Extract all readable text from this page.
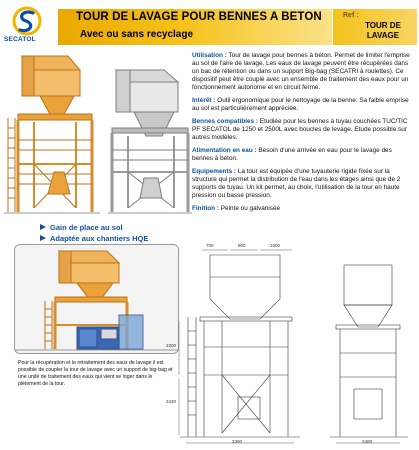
SECATOL
TOUR DE LAVAGE POUR BENNES A BETON
Avec ou sans recyclage
Ref :
TOUR DE LAVAGE
Gain de place au sol
Adaptée aux chantiers HQE
Pour la récupération et le retraitement des eaux de lavage il est possible de coupler la tour de lavage avec un support de big-bag et une unité de traitement des eaux qui vient se loger dans le piètement de la tour.

Utilisation : Tour de lavage pour bennes à béton. Permet de limiter l'emprise au sol de l'aire de lavage. Les eaux de lavage peuvent être récupérées dans un bac de rétention ou dans un support Big-bag (SECATRI à roulettes). Ce dispositif peut être couplé avec un ensemble de traitement des eaux pour un fonctionnement autonome et en circuit fermé.

Intérêt : Outil ergonomique pour le nettoyage de la benne. Sa faible emprise au sol est particulièrement appréciée.

Bennes compatibles : Etudiée pour les bennes à tuyau couchées TUC/TIC PF SECATOL de 1250 et 2500L avec boucles de levage. Etude possible sur autres modèles.

Alimentation en eau : Besoin d'une arrivée en eau pour le lavage des bennes à béton.

Equipements : La tour est équipée d'une tuyauterie rigide fixée sur la structure qui permet la distribution de l'eau dans les étages ainsi que de 2 supports de tuyau. Un kit permet, au choix, l'utilisation de la tour en haute pression ou basse pression.

Finition : Peinte ou galvanisée

700	900	1600
2200
2430
3300	2400
